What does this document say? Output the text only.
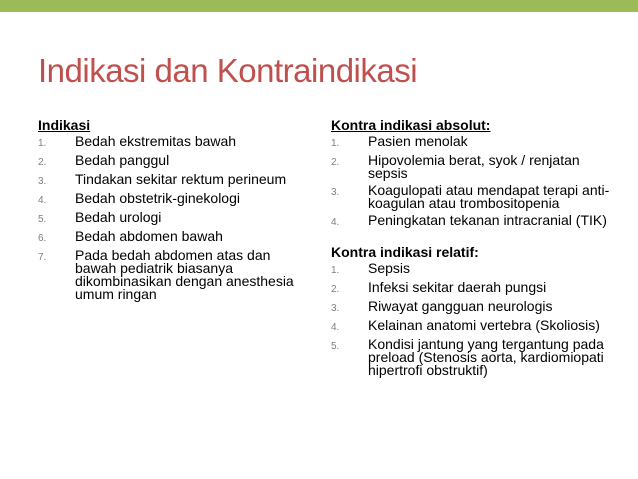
Indikasi dan Kontraindikasi
Indikasi
1.	Bedah ekstremitas bawah
2.	Bedah panggul
3.	Tindakan sekitar rektum perineum
4.	Bedah obstetrik-ginekologi
5.	Bedah urologi
6.	Bedah abdomen bawah
7.	Pada bedah abdomen atas dan bawah pediatrik biasanya dikombinasikan dengan anesthesia umum ringan
Kontra indikasi absolut:
1.	Pasien menolak
2.	Hipovolemia berat, syok / renjatan sepsis
3.	Koagulopati atau mendapat terapi anti-koagulan atau trombositopenia
4.	Peningkatan tekanan intracranial (TIK)
Kontra indikasi relatif:
1.	Sepsis
2.	Infeksi sekitar daerah pungsi
3.	Riwayat gangguan neurologis
4.	Kelainan anatomi vertebra (Skoliosis)
5.	Kondisi jantung yang tergantung pada preload (Stenosis aorta, kardiomiopati hipertrofi obstruktif)
